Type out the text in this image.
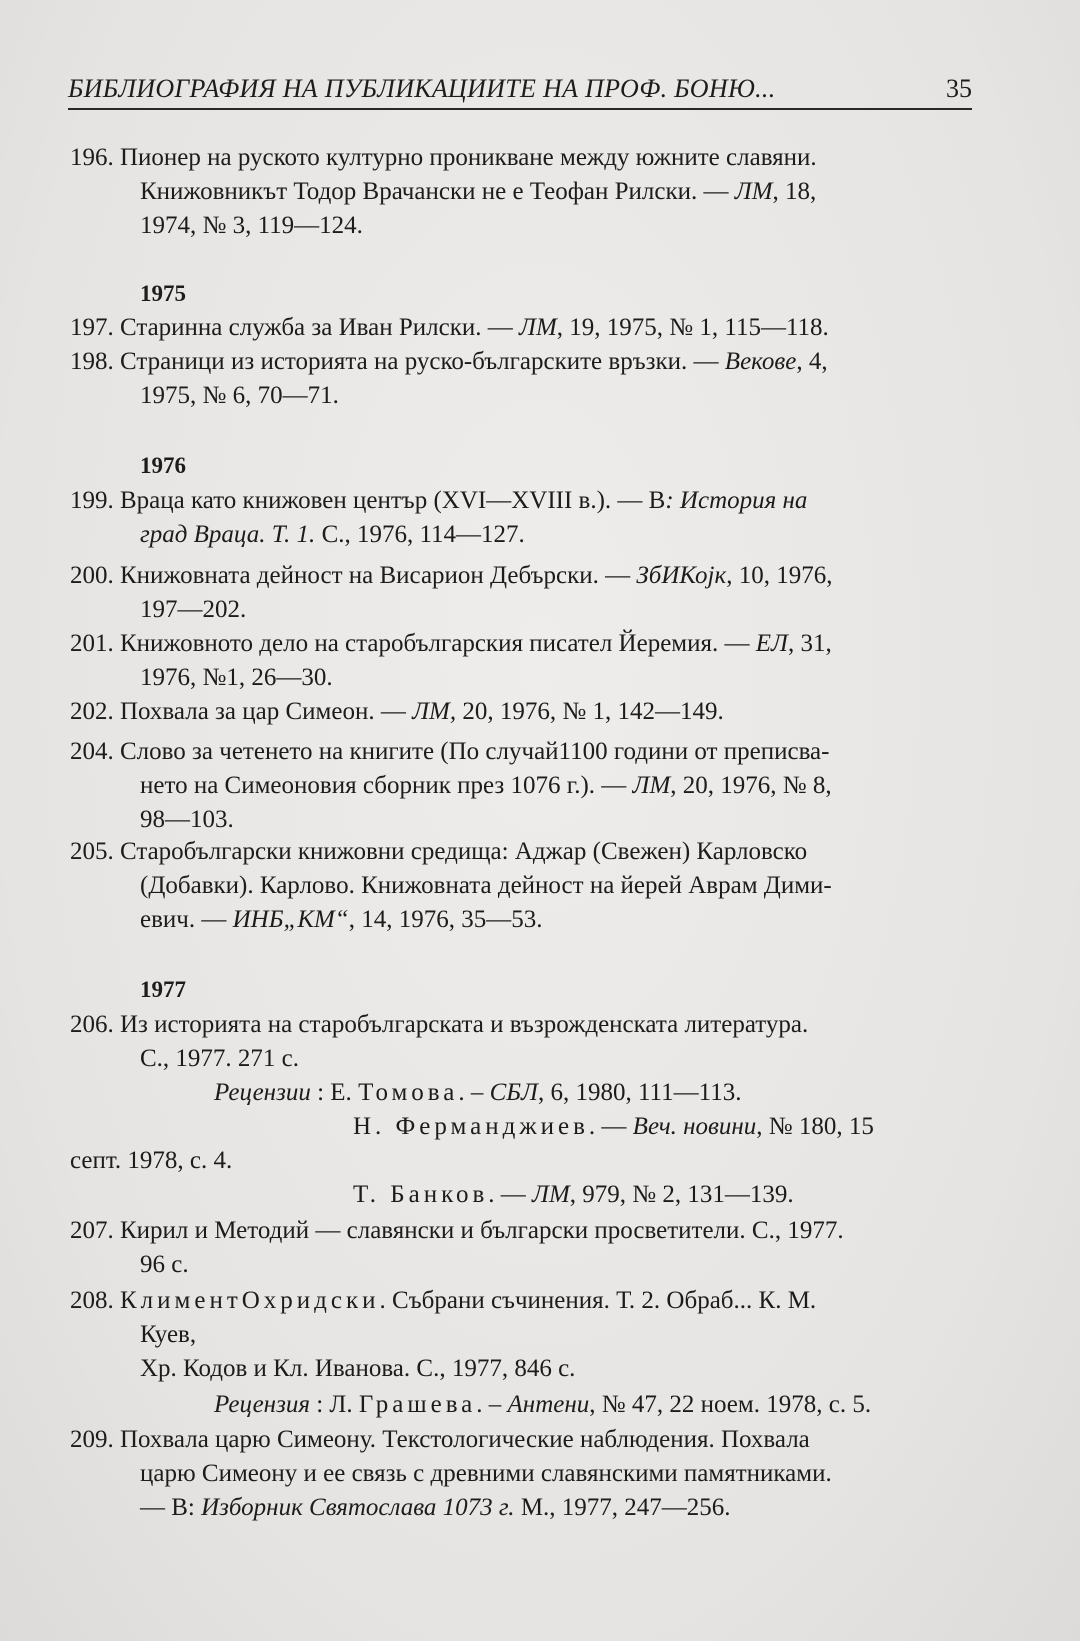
БИБЛИОГРАФИЯ НА ПУБЛИКАЦИИТЕ НА ПРОФ. БОНЮ...	35
196. Пионер на руското културно проникване между южните славяни.
Книжовникът Тодор Врачански не е Теофан Рилски. — ЛМ, 18,
1974, № 3, 119—124.
1975
197. Старинна служба за Иван Рилски. — ЛМ, 19, 1975, № 1, 115—118.
198. Страници из историята на руско-българските връзки. — Векове, 4,
1975, № 6, 70—71.
1976
199. Враца като книжовен център (XVI—XVIII в.). — В: История на
град Враца. Т. 1. С., 1976, 114—127.
200. Книжовната дейност на Висарион Дебърски. — ЗбИКојк, 10, 1976,
197—202.
201. Книжовното дело на старобългарския писател Йеремия. — ЕЛ, 31,
1976, №1, 26—30.
202. Похвала за цар Симеон. — ЛМ, 20, 1976, № 1, 142—149.
204. Слово за четенето на книгите (По случай1100 години от преписва-
нето на Симеоновия сборник през 1076 г.). — ЛМ, 20, 1976, № 8,
98—103.
205. Старобългарски книжовни средища: Аджар (Свежен) Карловско
(Добавки). Карлово. Книжовната дейност на йерей Аврам Дими-
евич. — ИНБ„КМ“, 14, 1976, 35—53.
1977
206. Из историята на старобългарската и възрожденската литература.
С., 1977. 271 с.
Рецензии : Е. Томова. – СБЛ, 6, 1980, 111—113.
Н. Ферманджиев. — Веч. новини, № 180, 15
септ. 1978, с. 4.
Т. Банков. — ЛМ, 979, № 2, 131—139.
207. Кирил и Методий — славянски и български просветители. С., 1977.
96 с.
208. КлиментОхридски. Събрани съчинения. Т. 2. Обраб... К. М.
Куев,
Хр. Кодов и Кл. Иванова. С., 1977, 846 с.
Рецензия : Л. Грашева. – Антени, № 47, 22 ноем. 1978, с. 5.
209. Похвала царю Симеону. Текстологические наблюдения. Похвала
царю Симеону и ее связь с древними славянскими памятниками.
— В: Изборник Святослава 1073 г. М., 1977, 247—256.
